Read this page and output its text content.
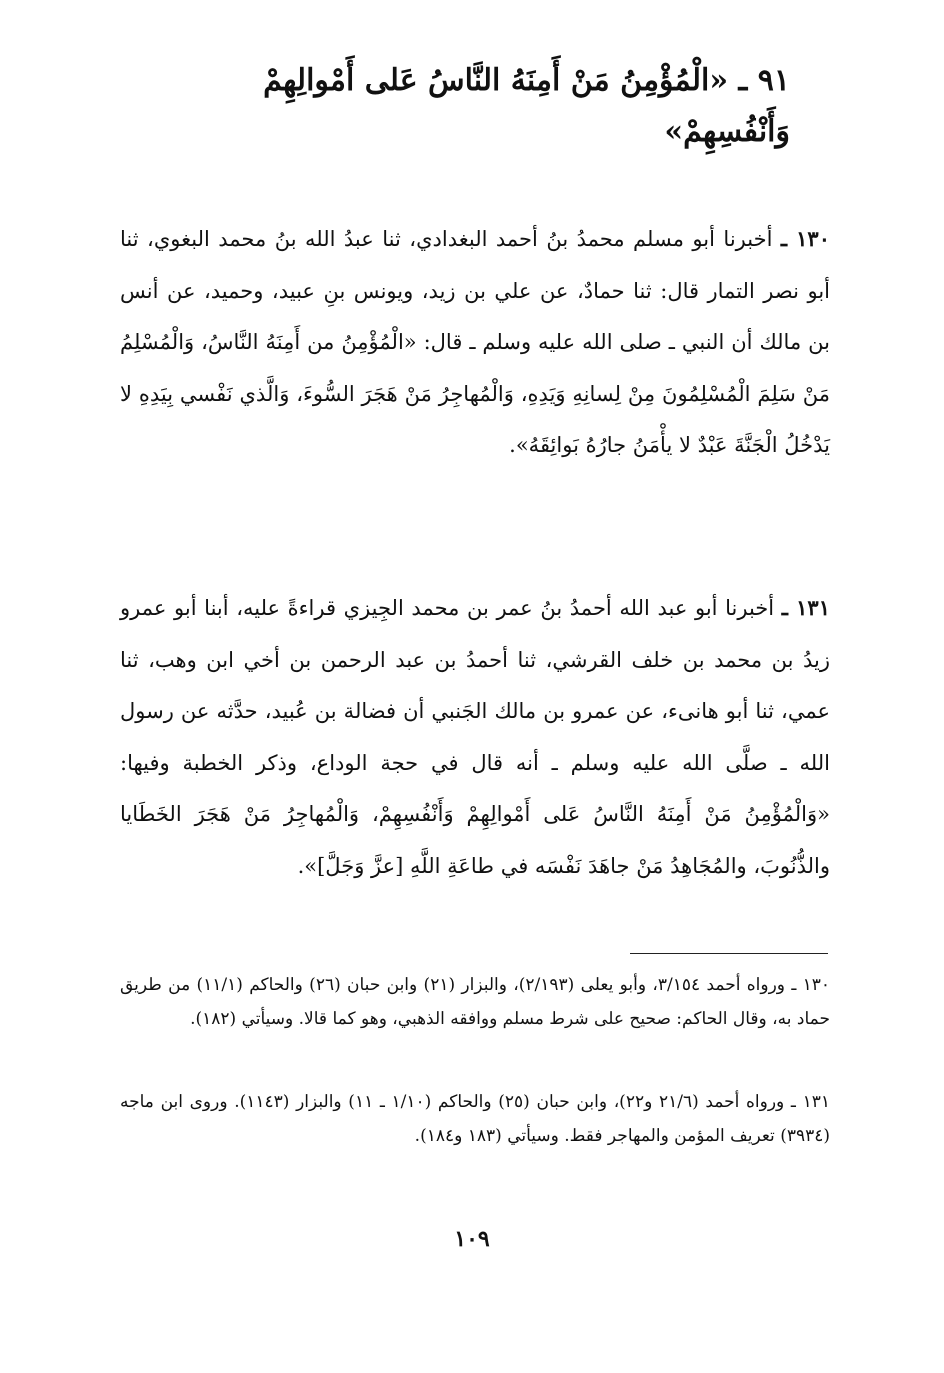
٩١ ـ «الْمُؤْمِنُ مَنْ أَمِنَهُ النَّاسُ عَلى أَمْوالِهِمْ وَأَنْفُسِهِمْ»

١٣٠ ـ أخبرنا أبو مسلم محمدُ بنُ أحمد البغدادي، ثنا عبدُ الله بنُ محمد البغوي، ثنا أبو نصر التمار قال: ثنا حمادٌ، عن علي بن زيد، ويونس بنِ عبيد، وحميد، عن أنس بن مالك أن النبي ـ صلى الله عليه وسلم ـ قال: «الْمُؤْمِنُ من أَمِنَهُ النَّاسُ، وَالْمُسْلِمُ مَنْ سَلِمَ الْمُسْلِمُونَ مِنْ لِسانِهِ وَيَدِهِ، وَالْمُهاجِرُ مَنْ هَجَرَ السُّوءَ، وَالَّذي نَفْسي بِيَدِهِ لا يَدْخُلُ الْجَنَّةَ عَبْدٌ لا يأْمَنُ جارُهُ بَوائِقَهُ».

١٣١ ـ أخبرنا أبو عبد الله أحمدُ بنُ عمر بن محمد الجِيزي قراءةً عليه، أبنا أبو عمرو زيدُ بن محمد بن خلف القرشي، ثنا أحمدُ بن عبد الرحمن بن أخي ابن وهب، ثنا عمي، ثنا أبو هانىء، عن عمرو بن مالك الجَنبي أن فضالة بن عُبيد، حدَّثه عن رسول الله ـ صلَّى الله عليه وسلم ـ أنه قال في حجة الوداع، وذكر الخطبة وفيها: «وَالْمُؤْمِنُ مَنْ أَمِنَهُ النَّاسُ عَلى أَمْوالِهِمْ وَأَنْفُسِهِمْ، وَالْمُهاجِرُ مَنْ هَجَرَ الخَطَايا والذُّنُوبَ، والمُجَاهِدُ مَنْ جاهَدَ نَفْسَه في طاعَةِ اللَّهِ [عزَّ وَجَلَّ]».

١٣٠ ـ ورواه أحمد ٣/١٥٤، وأبو يعلى (٢/١٩٣)، والبزار (٢١) وابن حبان (٢٦) والحاكم (١١/١) من طريق حماد به، وقال الحاكم: صحيح على شرط مسلم ووافقه الذهبي، وهو كما قالا. وسيأتي (١٨٢).

١٣١ ـ ورواه أحمد (٢١/٦ و٢٢)، وابن حبان (٢٥) والحاكم (١/١٠ ـ ١١) والبزار (١١٤٣). وروى ابن ماجه (٣٩٣٤) تعريف المؤمن والمهاجر فقط. وسيأتي (١٨٣ و١٨٤).

١٠٩
